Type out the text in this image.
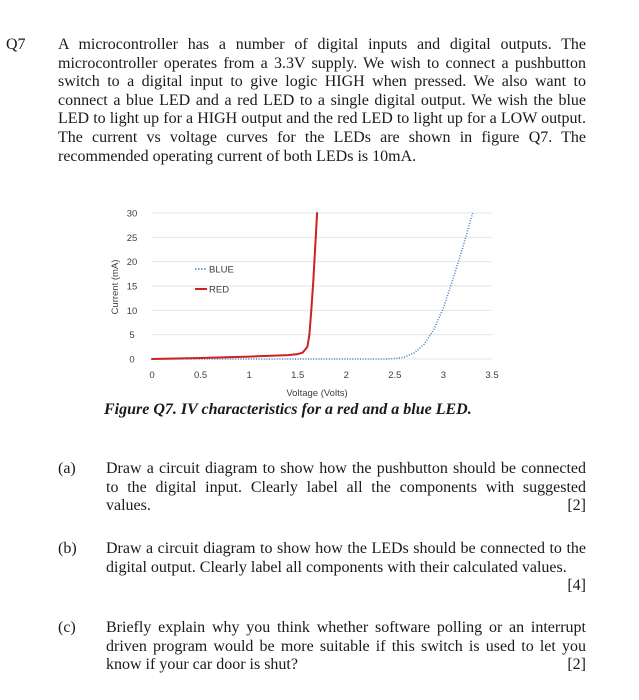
Q7 A microcontroller has a number of digital inputs and digital outputs. The microcontroller operates from a 3.3V supply. We wish to connect a pushbutton switch to a digital input to give logic HIGH when pressed. We also want to connect a blue LED and a red LED to a single digital output. We wish the blue LED to light up for a HIGH output and the red LED to light up for a LOW output. The current vs voltage curves for the LEDs are shown in figure Q7. The recommended operating current of both LEDs is 10mA.
0
5
10
15
20
25
30
0	0.5	1	1.5	2	2.5	3	3.5
Current (mA)
Voltage (Volts)
BLUE
RED
Figure Q7. IV characteristics for a red and a blue LED.
(a) Draw a circuit diagram to show how the pushbutton should be connected to the digital input. Clearly label all the components with suggested values.	[2]
(b) Draw a circuit diagram to show how the LEDs should be connected to the digital output. Clearly label all components with their calculated values.
[4]
(c) Briefly explain why you think whether software polling or an interrupt driven program would be more suitable if this switch is used to let you know if your car door is shut?	[2]
